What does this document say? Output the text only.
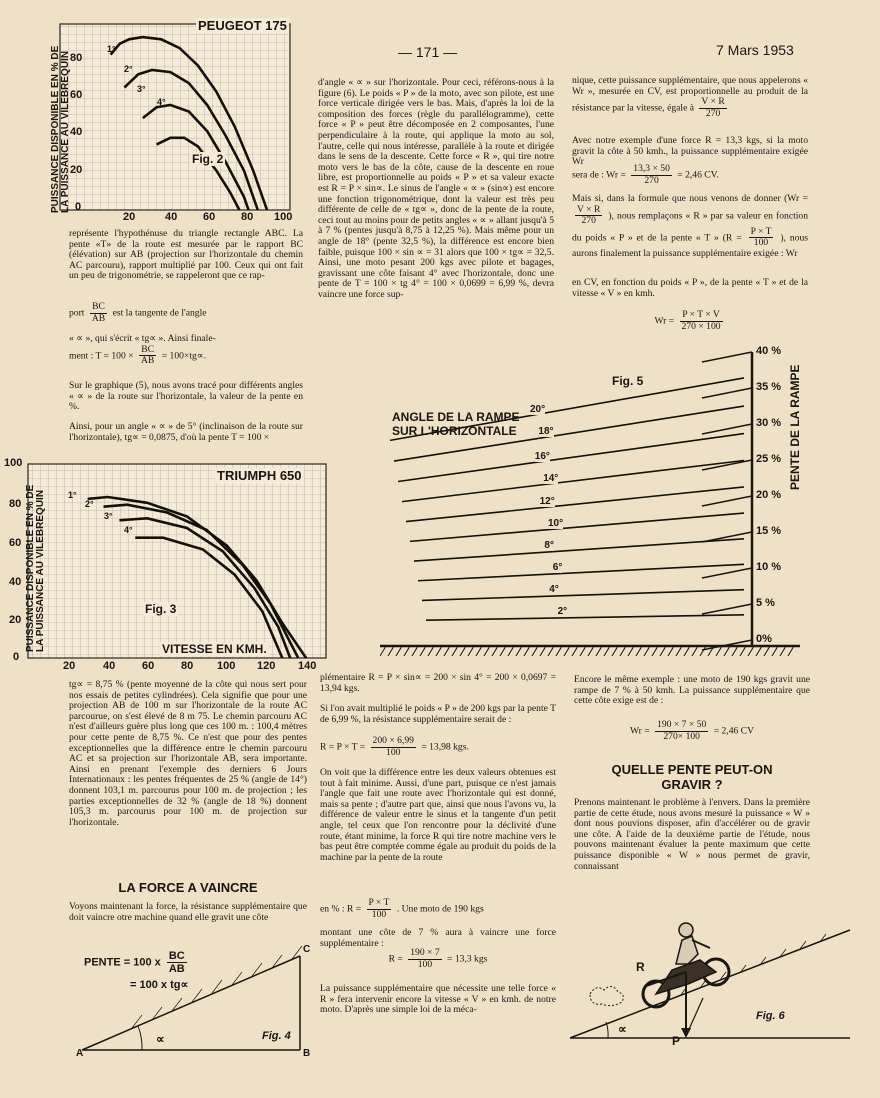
— 171 —	7 Mars 1953
PEUGEOT 175
Fig. 2
PUISSANCE DISPONIBLE EN % DE LA PUISSANCE AU VILEBREQUIN 80
60
40
20
0
20	40 60 80 100
1°
2°
3°
4°
représente l'hypothénuse du triangle rectangle ABC. La pente «T» de la route est mesurée par le rapport BC (élévation) sur AB (projection sur l'horizontale du chemin AC parcouru), rapport multiplié par 100. Ceux qui ont fait un peu de trigonométrie, se rappeleront que ce rap-
port $\frac{BC}{AB}$ est la tangente de l'angle
« ∝ », qui s'écrit « tg∝ ». Ainsi finale-
ment : $T = 100 \times \frac{BC}{AB} = 100\times tg\propto$.
Sur le graphique (5), nous avons tracé pour différents angles « ∝ » de la route sur l'horizontale, la valeur de la pente en %.
Ainsi, pour un angle « ∝ » de 5° (inclinaison de la route sur l'horizontale), tg∝ = 0,0875, d'où la pente T = 100 ×
TRIUMPH 650
Fig. 3
VITESSE EN KMH.
PUISSANCE DISPONIBLE EN % DE LA PUISSANCE AU VILEBREQUIN
100
80
60
40
20
0
20	40 60 80 100 120 140
1°
2°
3°
4°
tg∝ = 8,75 % (pente moyenne de la côte qui nous sert pour nos essais de petites cylindrées). Cela signifie que pour une projection AB de 100 m sur l'horizontale de la route AC parcourue, on s'est élevé de 8 m 75. Le chemin parcouru AC n'est d'ailleurs guère plus long que ces 100 m. : 100,4 mètres pour cette pente de 8,75 %. Ce n'est que pour des pentes exceptionnelles que la différence entre le chemin parcouru AC et sa projection sur l'horizontale AB, sera importante. Ainsi en prenant l'exemple des derniers 6 Jours Internationaux : les pentes fréquentes de 25 % (angle de 14°) donnent 103,1 m. parcourus pour 100 m. de projection ; les parties exceptionnelles de 32 % (angle de 18 %) donnent 105,3 m. parcourus pour 100 m. de projection sur l'horizontale.
LA FORCE A VAINCRE
Voyons maintenant la force, la résistance supplémentaire que doit vaincre otre machine quand elle gravit une côte
PENTE = 100 x $\frac{BC}{AB}$
= 100 x tg∝
Fig. 4
∝
A	B
C
d'angle « ∝ » sur l'horizontale. Pour ceci, référons-nous à la figure (6). Le poids « P » de la moto, avec son pilote, est une force verticale dirigée vers le bas. Mais, d'après la loi de la composition des forces (règle du parallélogramme), cette force « P » peut être décomposée en 2 composantes, l'une perpendiculaire à la route, qui applique la moto au sol, l'autre, celle qui nous intéresse, parallèle à la route et dirigée dans le sens de la descente. Cette force « R », qui tire notre moto vers le bas de la côte, cause de la descente en roue libre, est proportionnelle au poids « P » et sa valeur exacte est R = P × sin∝. Le sinus de l'angle « ∝ » (sin∝) est encore une fonction trigonométrique, dont la valeur est très peu différente de celle de « tg∝ », donc de la pente de la route, ceci tout au moins pour de petits angles « ∝ » allant jusqu'à 5 à 7 % (pentes jusqu'à 8,75 à 12,25 %). Mais même pour un angle de 18° (pente 32,5 %), la différence est encore bien faible, puisque 100 × sin ∝ = 31 alors que 100 × tg∝ = 32,5. Ainsi, une moto pesant 200 kgs avec pilote et bagages, gravissant une côte faisant 4° avec l'horizontale, donc une pente de T = 100 × tg 4° = 100 × 0,0699 = 6,99 %, devra vaincre une force sup-
nique, cette puissance supplémentaire, que nous appelerons « Wr », mesurée en CV, est proportionnelle au produit de la résistance par la vitesse, égale à $\frac{V \times R}{270}$
Avec notre exemple d'une force R = 13,3 kgs, si la moto gravit la côte à 50 kmh., la puissance supplémentaire exigée Wr
sera de : $Wr = \frac{13,3 \times 50}{270} = 2,46$ CV.
Mais si, dans la formule que nous venons de donner (Wr =
$\frac{V \times R}{270}$ ), nous remplaçons « R » par sa valeur en fonction du poids « P » et de la pente « T » ($R = \frac{P \times T}{100}$ ), nous aurons finalement la puissance supplémentaire exigée : Wr
en CV, en fonction du poids « P », de la pente « T » et de la vitesse « V » en kmh.
$Wr = \frac{P \times T \times V}{270 \times 100}$
Fig. 5
ANGLE DE LA RAMPE
SUR L'HORIZONTALE	PENTE DE LA RAMPE
40 %
35 %
30 %
25 %
20 %
15 %
10 %
5 %
0%
20°
18°
16°
14°
12°
10°
8°
6°
4°
2°
plémentaire R = P × sin∝ = 200 × sin 4° = 200 × 0,0697 = 13,94 kgs.
Si l'on avait multiplié le poids « P » de 200 kgs par la pente T de 6,99 %, la résistance supplémentaire serait de :
$R = P \times T = \frac{200 \times 6,99}{100} = 13,98$ kgs.
On voit que la différence entre les deux valeurs obtenues est tout à fait minime. Aussi, d'une part, puisque ce n'est jamais l'angle que fait une route avec l'horizontale qui est donné, mais sa pente ; d'autre part que, ainsi que nous l'avons vu, la différence de valeur entre le sinus et la tangente d'un petit angle, tel ceux que l'on rencontre pour la déclivité d'une route, étant minime, la force R qui tire notre machine vers le bas peut être comptée comme égale au produit du poids de la machine par la pente de la route
en % : $R = \frac{P \times T}{100}$ . Une moto de 190 kgs
montant une côte de 7 % aura à vaincre une force supplémentaire :
$R = \frac{190 \times 7}{100} = 13,3$ kgs
La puissance supplémentaire que nécessite une telle force « R » fera intervenir encore la vitesse « V » en kmh. de notre moto. D'après une simple loi de la méca-
Encore le même exemple : une moto de 190 kgs gravit une rampe de 7 % à 50 kmh. La puissance supplémentaire que cette côte exige est de :
$Wr = \frac{190 \times 7 \times 50}{270\times 100} = 2,46$ CV
QUELLE PENTE PEUT-ON
GRAVIR ?
Prenons maintenant le problème à l'envers. Dans la première partie de cette étude, nous avons mesuré la puissance « W » dont nous pouvions disposer, afin d'accélérer ou de gravir une côte. A l'aide de la deuxième partie de l'étude, nous pouvons maintenant évaluer la pente maximum que cette puissance disponible « W » nous permet de gravir, connaissant
R
P
∝
Fig. 6
